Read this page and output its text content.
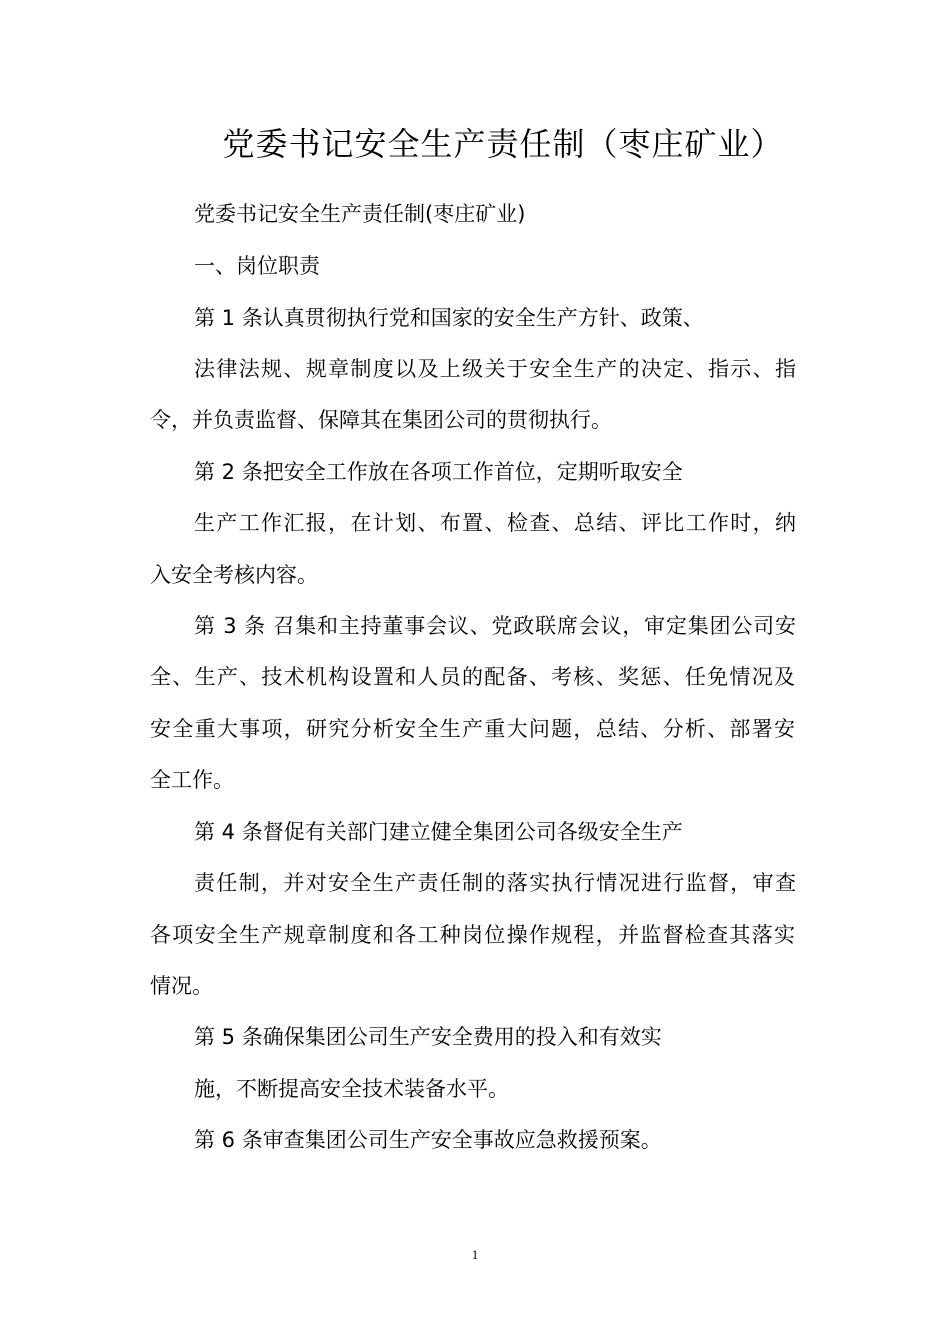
党委书记安全生产责任制（枣庄矿业）
党委书记安全生产责任制(枣庄矿业)
一、岗位职责
第 1 条认真贯彻执行党和国家的安全生产方针、政策、
法律法规、规章制度以及上级关于安全生产的决定、指示、指
令，并负责监督、保障其在集团公司的贯彻执行。
第 2 条把安全工作放在各项工作首位，定期听取安全
生产工作汇报，在计划、布置、检查、总结、评比工作时，纳
入安全考核内容。
第 3 条 召集和主持董事会议、党政联席会议，审定集团公司安
全、生产、技术机构设置和人员的配备、考核、奖惩、任免情况及
安全重大事项，研究分析安全生产重大问题，总结、分析、部署安
全工作。
第 4 条督促有关部门建立健全集团公司各级安全生产
责任制，并对安全生产责任制的落实执行情况进行监督，审查
各项安全生产规章制度和各工种岗位操作规程，并监督检查其落实
情况。
第 5 条确保集团公司生产安全费用的投入和有效实
施，不断提高安全技术装备水平。
第 6 条审查集团公司生产安全事故应急救援预案。
1
